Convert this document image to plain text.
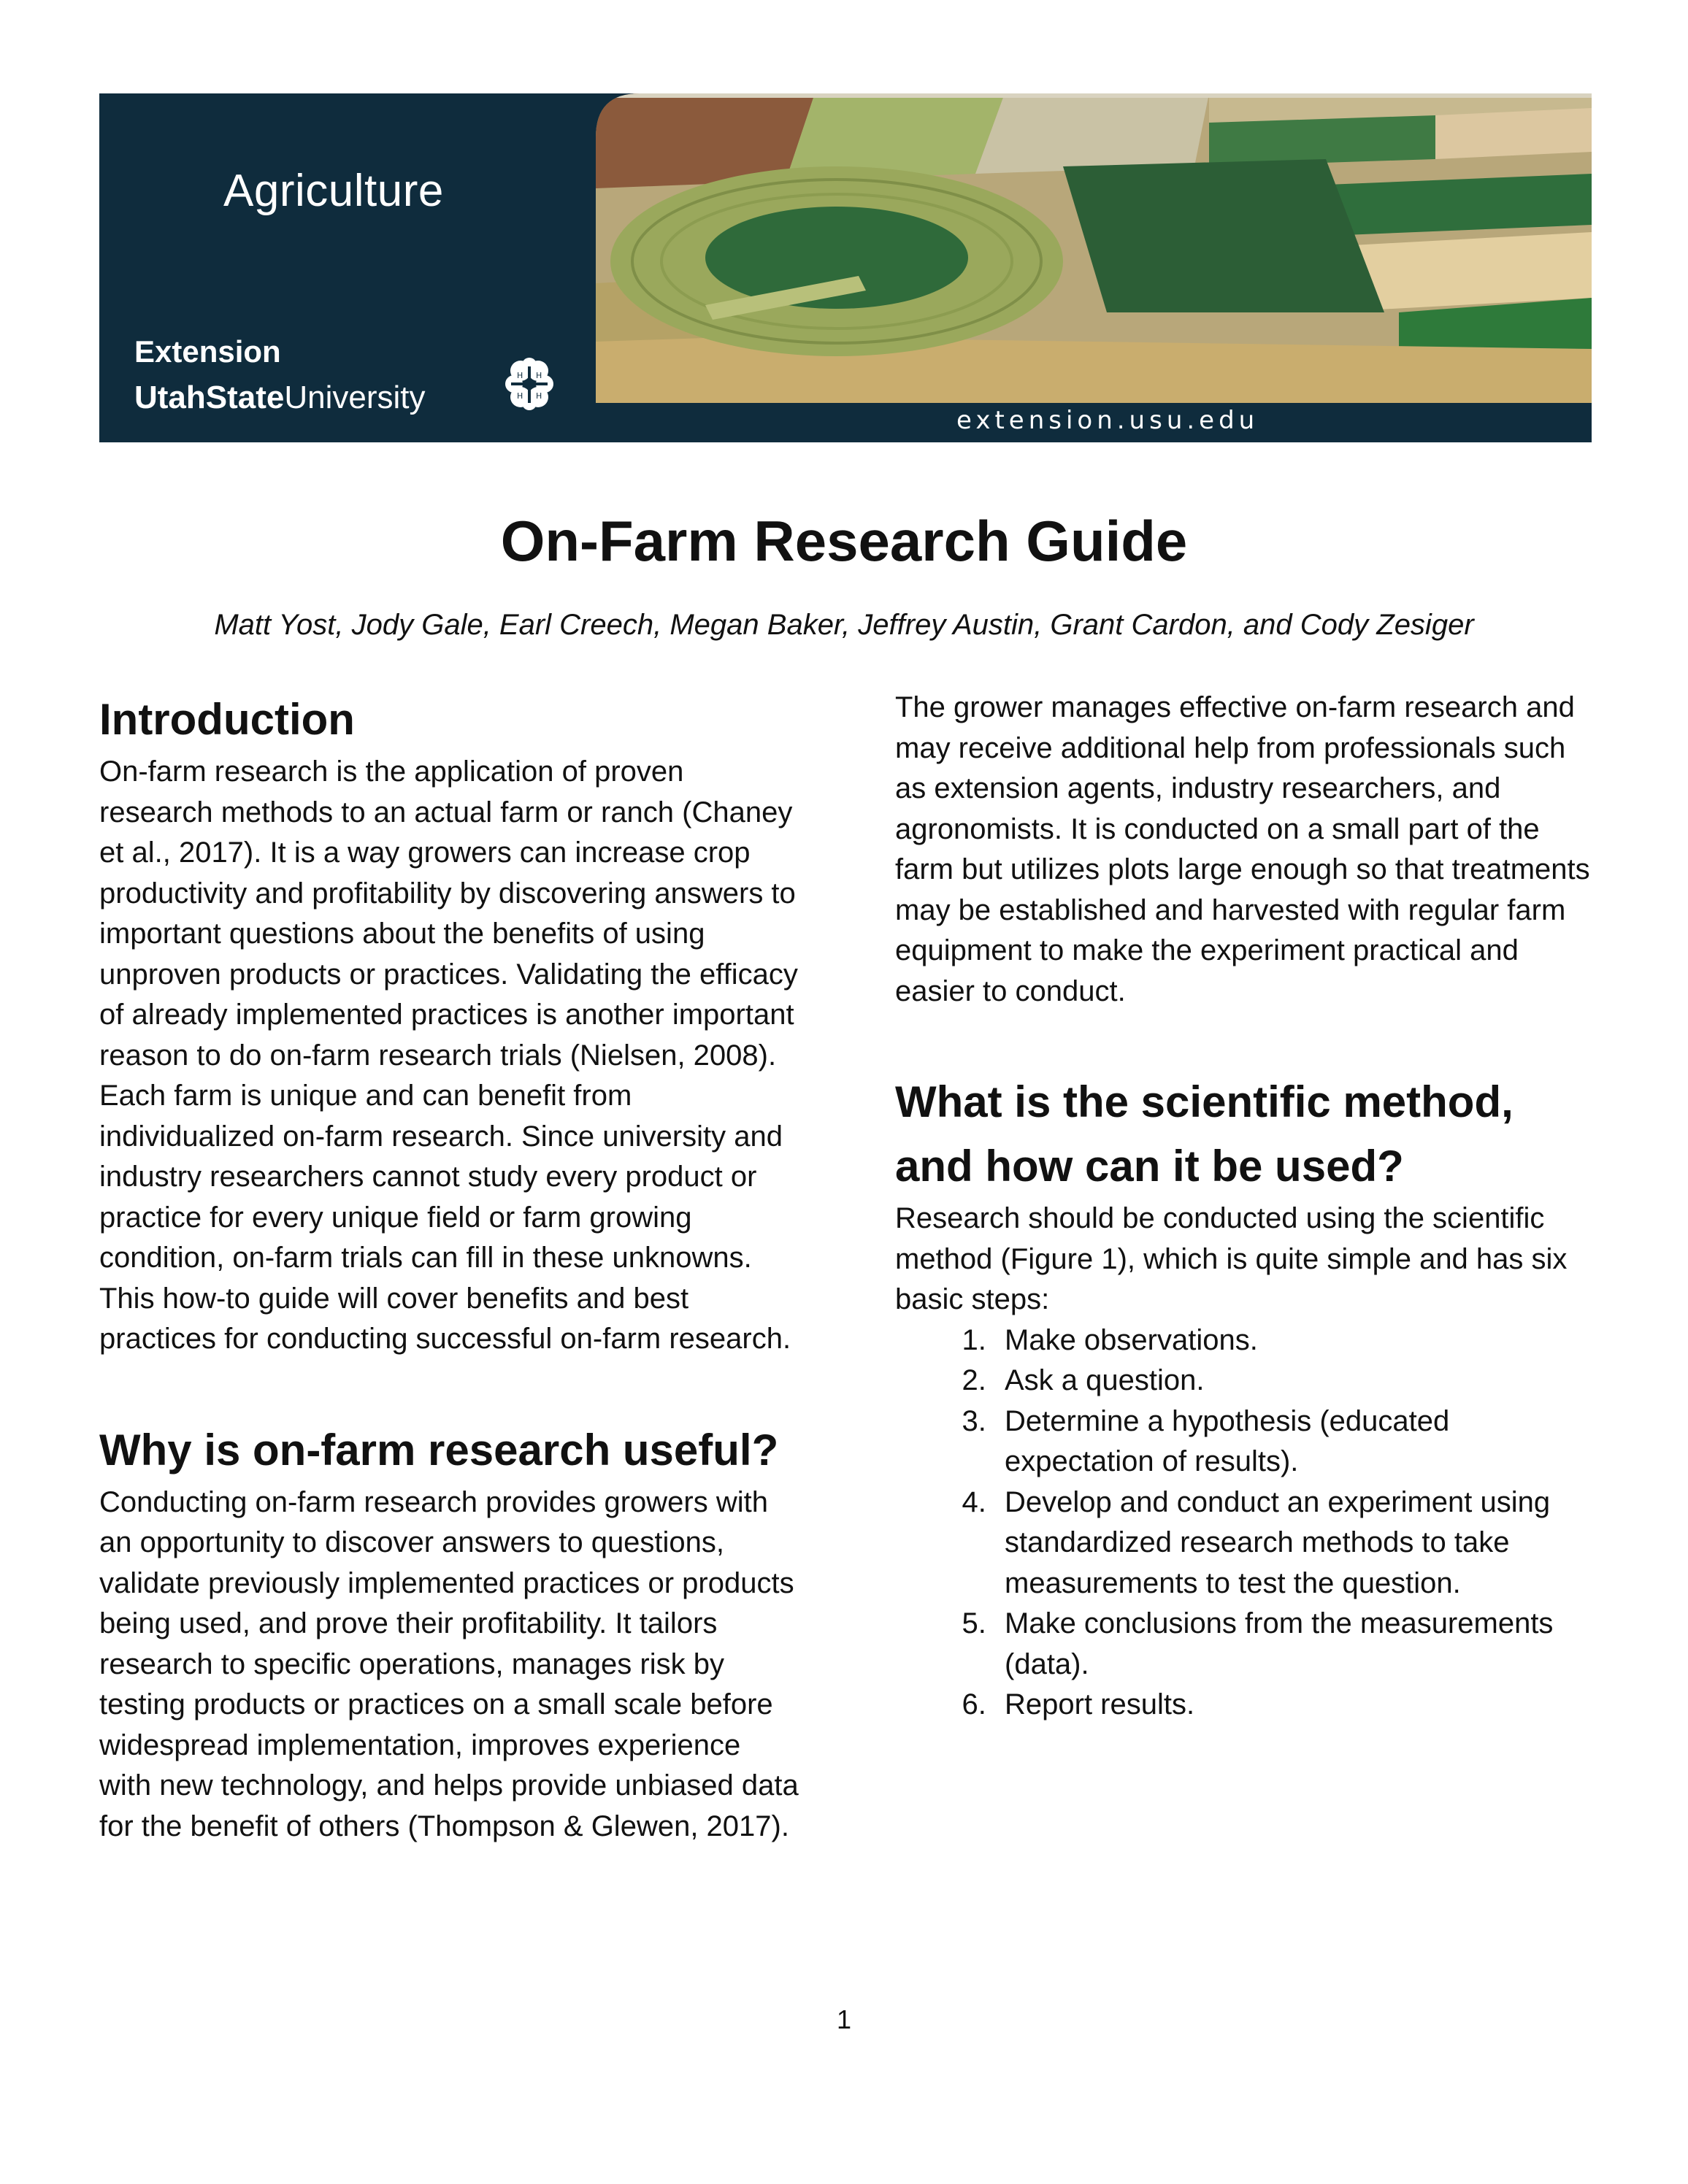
Agriculture
Extension
UtahStateUniversity
H H
H H
extension.usu.edu
On-Farm Research Guide
Matt Yost, Jody Gale, Earl Creech, Megan Baker, Jeffrey Austin, Grant Cardon, and Cody Zesiger
Introduction

On-farm research is the application of proven research methods to an actual farm or ranch (Chaney et al., 2017). It is a way growers can increase crop productivity and profitability by discovering answers to important questions about the benefits of using unproven products or practices. Validating the efficacy of already implemented practices is another important reason to do on-farm research trials (Nielsen, 2008). Each farm is unique and can benefit from individualized on-farm research. Since university and industry researchers cannot study every product or practice for every unique field or farm growing condition, on-farm trials can fill in these unknowns. This how-to guide will cover benefits and best practices for conducting successful on-farm research.

Why is on-farm research useful?

Conducting on-farm research provides growers with an opportunity to discover answers to questions, validate previously implemented practices or products being used, and prove their profitability. It tailors research to specific operations, manages risk by testing products or practices on a small scale before widespread implementation, improves experience with new technology, and helps provide unbiased data for the benefit of others (Thompson & Glewen, 2017).

The grower manages effective on-farm research and may receive additional help from professionals such as extension agents, industry researchers, and agronomists. It is conducted on a small part of the farm but utilizes plots large enough so that treatments may be established and harvested with regular farm equipment to make the experiment practical and easier to conduct.

What is the scientific method, and how can it be used?

Research should be conducted using the scientific method (Figure 1), which is quite simple and has six basic steps:

1. Make observations.
2. Ask a question.
3. Determine a hypothesis (educated expectation of results).
4. Develop and conduct an experiment using standardized research methods to take measurements to test the question.
5. Make conclusions from the measurements (data).
6. Report results.
1
